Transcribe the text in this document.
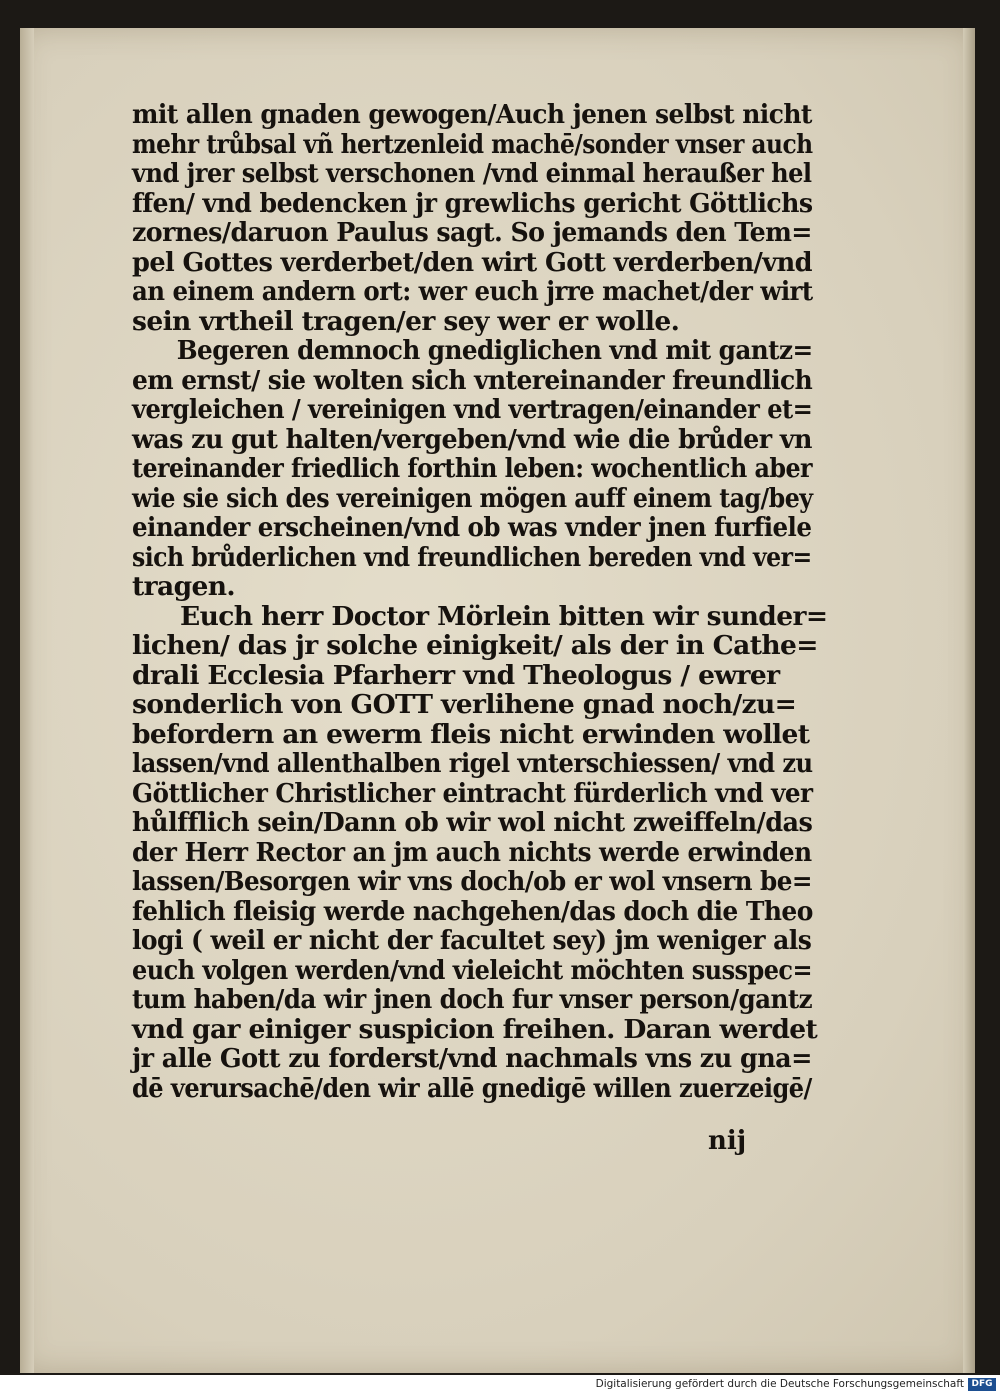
mit allen gnaden gewogen/Auch jenen selbst nicht
mehr trůbsal vñ hertzenleid machē/sonder vnser auch
vnd jrer selbst verschonen /vnd einmal heraußer hel
ffen/ vnd bedencken jr grewlichs gericht Göttlichs
zornes/daruon Paulus sagt. So jemands den Tem=
pel Gottes verderbet/den wirt Gott verderben/vnd
an einem andern ort: wer euch jrre machet/der wirt
sein vrtheil tragen/er sey wer er wolle.
Begeren demnoch gnediglichen vnd mit gantz=
em ernst/ sie wolten sich vntereinander freundlich
vergleichen / vereinigen vnd vertragen/einander et=
was zu gut halten/vergeben/vnd wie die brůder vn
tereinander friedlich forthin leben: wochentlich aber
wie sie sich des vereinigen mögen auff einem tag/bey
einander erscheinen/vnd ob was vnder jnen furfiele
sich brůderlichen vnd freundlichen bereden vnd ver=
tragen.
Euch herr Doctor Mörlein bitten wir sunder=
lichen/ das jr solche einigkeit/ als der in Cathe=
drali Ecclesia Pfarherr vnd Theologus / ewrer
sonderlich von GOTT verlihene gnad noch/zu=
befordern an ewerm fleis nicht erwinden wollet
lassen/vnd allenthalben rigel vnterschiessen/ vnd zu
Göttlicher Christlicher eintracht fürderlich vnd ver
hůlfflich sein/Dann ob wir wol nicht zweiffeln/das
der Herr Rector an jm auch nichts werde erwinden
lassen/Besorgen wir vns doch/ob er wol vnsern be=
fehlich fleisig werde nachgehen/das doch die Theo
logi ( weil er nicht der facultet sey) jm weniger als
euch volgen werden/vnd vieleicht möchten susspec=
tum haben/da wir jnen doch fur vnser person/gantz
vnd gar einiger suspicion freihen. Daran werdet
jr alle Gott zu forderst/vnd nachmals vns zu gna=
dē verursachē/den wir allē gnedigē willen zuerzeigē/
nij
Digitalisierung gefördert durch die Deutsche Forschungsgemeinschaft DFG
